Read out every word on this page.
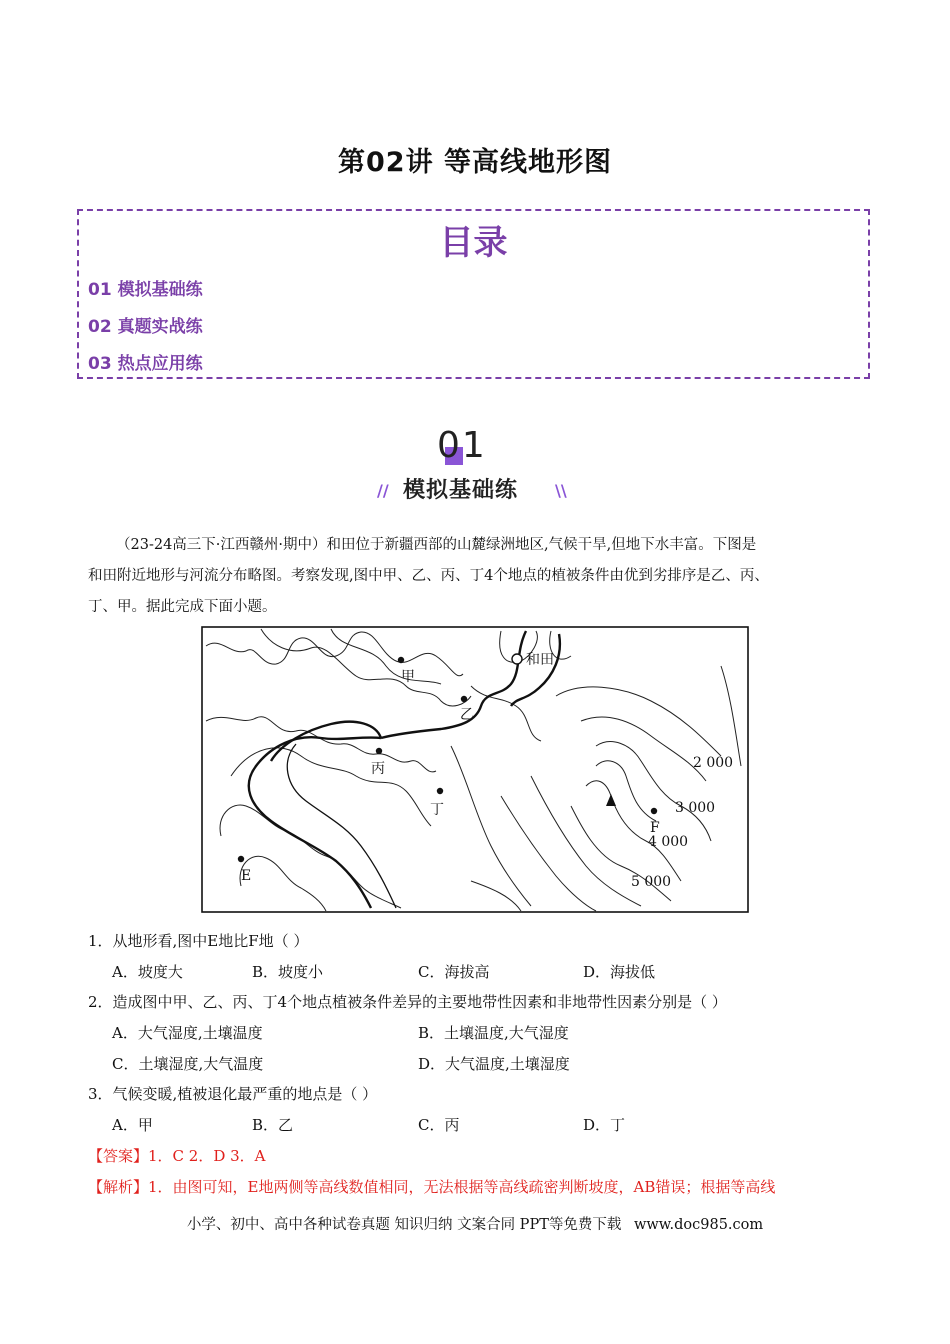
第02讲 等高线地形图
目录
01 模拟基础练
02 真题实战练
03 热点应用练
01
// 模拟基础练 \\
（23-24高三下·江西赣州·期中）和田位于新疆西部的山麓绿洲地区,气候干旱,但地下水丰富。下图是
和田附近地形与河流分布略图。考察发现,图中甲、乙、丙、丁4个地点的植被条件由优到劣排序是乙、丙、
丁、甲。据此完成下面小题。
甲
乙
丙
丁
E
F
和田
2 000
3 000
4 000
5 000
1．从地形看,图中E地比F地（ ）
A．坡度大	B．坡度小	C．海拔高	D．海拔低
2．造成图中甲、乙、丙、丁4个地点植被条件差异的主要地带性因素和非地带性因素分别是（ ）
A．大气湿度,土壤温度	B．土壤温度,大气湿度
C．土壤湿度,大气温度	D．大气温度,土壤湿度
3．气候变暖,植被退化最严重的地点是（ ）
A．甲	B．乙	C．丙	D．丁
【答案】1．C 2．D 3．A
【解析】1．由图可知，E地两侧等高线数值相同，无法根据等高线疏密判断坡度，AB错误；根据等高线
小学、初中、高中各种试卷真题 知识归纳 文案合同 PPT等免费下载 www.doc985.com
